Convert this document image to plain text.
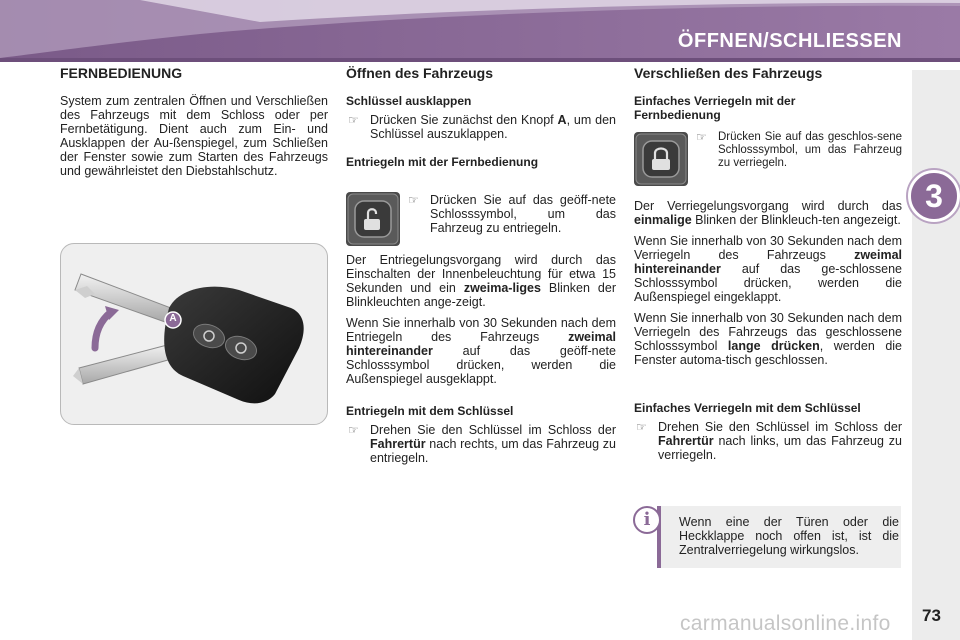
ÖFFNEN/SCHLIESSEN
3
FERNBEDIENUNG

System zum zentralen Öffnen und Verschließen des Fahrzeugs mit dem Schloss oder per Fernbetätigung. Dient auch zum Ein- und Ausklappen der Au-ßenspiegel, zum Schließen der Fenster sowie zum Starten des Fahrzeugs und gewährleistet den Diebstahlschutz.

A
Öffnen des Fahrzeugs
Schlüssel ausklappen
☞ Drücken Sie zunächst den Knopf A, um den Schlüssel auszuklappen.
Entriegeln mit der Fernbedienung
☞ Drücken Sie auf das geöff-nete Schlosssymbol, um das Fahrzeug zu entriegeln.

Der Entriegelungsvorgang wird durch das Einschalten der Innenbeleuchtung für etwa 15 Sekunden und ein zweima-liges Blinken der Blinkleuchten ange-zeigt.

Wenn Sie innerhalb von 30 Sekunden nach dem Entriegeln des Fahrzeugs zweimal hintereinander auf das geöff-nete Schlosssymbol drücken, werden die Außenspiegel ausgeklappt.

Entriegeln mit dem Schlüssel
☞ Drehen Sie den Schlüssel im Schloss der Fahrertür nach rechts, um das Fahrzeug zu entriegeln.
Verschließen des Fahrzeugs
Einfaches Verriegeln mit der Fernbedienung
☞ Drücken Sie auf das geschlos-sene Schlosssymbol, um das Fahrzeug zu verriegeln.

Der Verriegelungsvorgang wird durch das einmalige Blinken der Blinkleuch-ten angezeigt.

Wenn Sie innerhalb von 30 Sekunden nach dem Verriegeln des Fahrzeugs zweimal hintereinander auf das ge-schlossene Schlosssymbol drücken, werden die Außenspiegel eingeklappt.

Wenn Sie innerhalb von 30 Sekunden nach dem Verriegeln des Fahrzeugs das geschlossene Schlosssymbol lange drücken, werden die Fenster automa-tisch geschlossen.

Einfaches Verriegeln mit dem Schlüssel
☞ Drehen Sie den Schlüssel im Schloss der Fahrertür nach links, um das Fahrzeug zu verriegeln.
Wenn eine der Türen oder die Heckklappe noch offen ist, ist die Zentralverriegelung wirkungslos.
i
carmanualsonline.info 73
